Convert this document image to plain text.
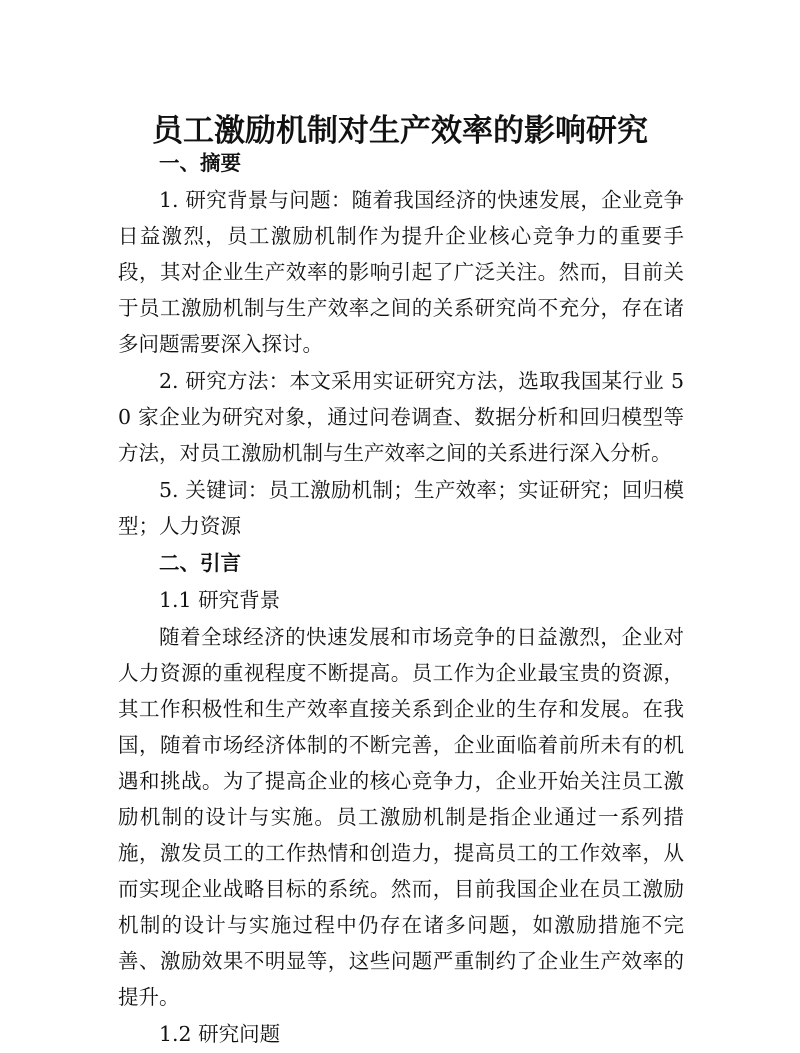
员工激励机制对生产效率的影响研究

一、摘要

1. 研究背景与问题：随着我国经济的快速发展，企业竞争日益激烈，员工激励机制作为提升企业核心竞争力的重要手段，其对企业生产效率的影响引起了广泛关注。然而，目前关于员工激励机制与生产效率之间的关系研究尚不充分，存在诸多问题需要深入探讨。

2. 研究方法：本文采用实证研究方法，选取我国某行业 50 家企业为研究对象，通过问卷调查、数据分析和回归模型等方法，对员工激励机制与生产效率之间的关系进行深入分析。

5. 关键词：员工激励机制；生产效率；实证研究；回归模型；人力资源

二、引言

1.1 研究背景

随着全球经济的快速发展和市场竞争的日益激烈，企业对人力资源的重视程度不断提高。员工作为企业最宝贵的资源，其工作积极性和生产效率直接关系到企业的生存和发展。在我国，随着市场经济体制的不断完善，企业面临着前所未有的机遇和挑战。为了提高企业的核心竞争力，企业开始关注员工激励机制的设计与实施。员工激励机制是指企业通过一系列措施，激发员工的工作热情和创造力，提高员工的工作效率，从而实现企业战略目标的系统。然而，目前我国企业在员工激励机制的设计与实施过程中仍存在诸多问题，如激励措施不完善、激励效果不明显等，这些问题严重制约了企业生产效率的提升。

1.2 研究问题
